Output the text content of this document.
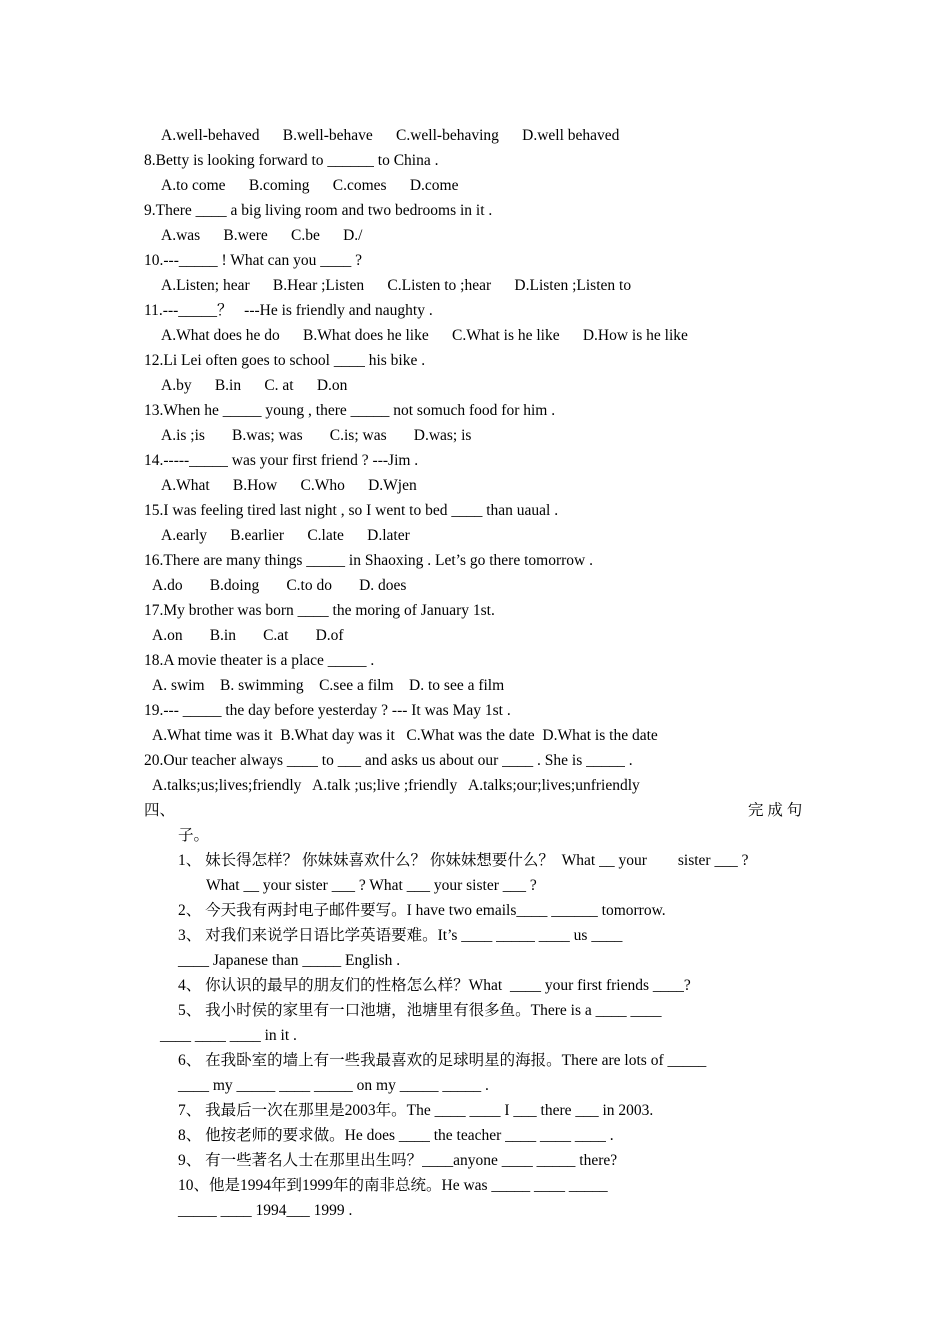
A.well-behaved      B.well-behave      C.well-behaving      D.well behaved
8.Betty is looking forward to ______ to China .
A.to come      B.coming      C.comes      D.come
9.There ____ a big living room and two bedrooms in it .
A.was      B.were      C.be      D./
10.---_____ ! What can you ____ ?
A.Listen; hear      B.Hear ;Listen      C.Listen to ;hear      D.Listen ;Listen to
11.---_____？   ---He is friendly and naughty .
A.What does he do      B.What does he like      C.What is he like      D.How is he like
12.Li Lei often goes to school ____ his bike .
A.by      B.in      C. at      D.on
13.When he _____ young , there _____ not somuch food for him .
A.is ;is       B.was; was       C.is; was       D.was; is
14.-----_____ was your first friend ? ---Jim .
A.What      B.How      C.Who      D.Wjen
15.I was feeling tired last night , so I went to bed ____ than uaual .
A.early      B.earlier      C.late      D.later
16.There are many things _____ in Shaoxing . Let’s go there tomorrow .
A.do       B.doing       C.to do       D. does
17.My brother was born ____ the moring of January 1st.
A.on       B.in       C.at       D.of
18.A movie theater is a place _____ .
A. swim    B. swimming    C.see a film    D. to see a film
19.--- _____ the day before yesterday ? --- It was May 1st .
A.What time was it  B.What day was it   C.What was the date  D.What is the date
20.Our teacher always ____ to ___ and asks us about our ____ . She is _____ .
A.talks;us;lives;friendly   A.talk ;us;live ;friendly   A.talks;our;lives;unfriendly
四、	完 成 句
子。
1、 妹长得怎样？ 你妹妹喜欢什么？ 你妹妹想要什么？  What __ your        sister ___ ?
What __ your sister ___ ? What ___ your sister ___ ?
2、 今天我有两封电子邮件要写。I have two emails____ ______ tomorrow.
3、 对我们来说学日语比学英语要难。It’s ____ _____ ____ us ____
____ Japanese than _____ English .
4、 你认识的最早的朋友们的性格怎么样？What  ____ your first friends ____?
5、 我小时侯的家里有一口池塘，池塘里有很多鱼。There is a ____ ____
____ ____ ____ in it .
6、 在我卧室的墙上有一些我最喜欢的足球明星的海报。There are lots of _____
____ my _____ ____ _____ on my _____ _____ .
7、 我最后一次在那里是2003年。The ____ ____ I ___ there ___ in 2003.
8、 他按老师的要求做。He does ____ the teacher ____ ____ ____ .
9、 有一些著名人士在那里出生吗？____anyone ____ _____ there?
10、他是1994年到1999年的南非总统。He was _____ ____ _____
_____ ____ 1994___ 1999 .
